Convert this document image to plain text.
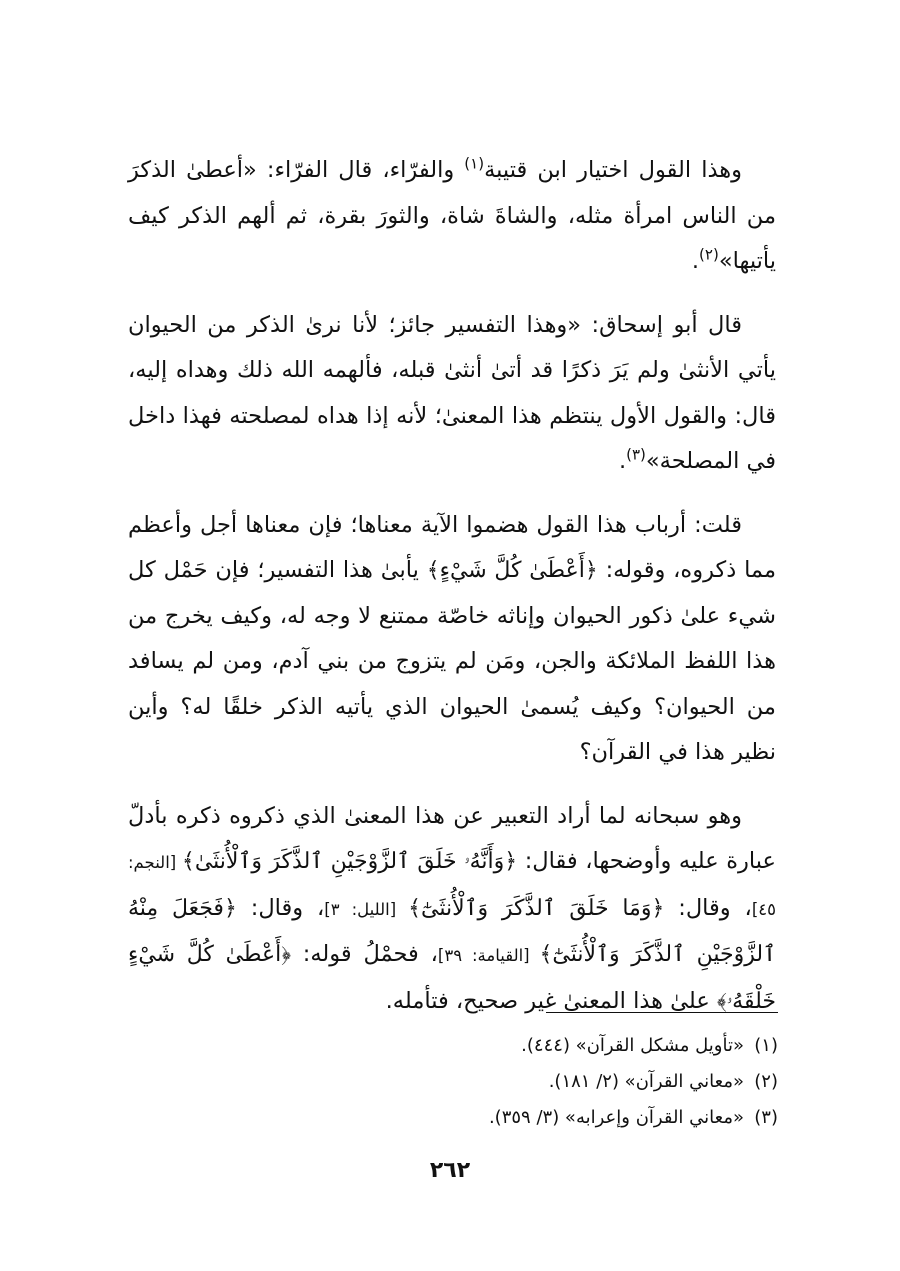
وهذا القول اختيار ابن قتيبة$^{(١)}$ والفرّاء، قال الفرّاء: «أعطىٰ الذكرَ من الناس امرأة مثله، والشاةَ شاة، والثورَ بقرة، ثم ألهم الذكر كيف يأتيها»$^{(٢)}$.

قال أبو إسحاق: «وهذا التفسير جائز؛ لأنا نرىٰ الذكر من الحيوان يأتي الأنثىٰ ولم يَرَ ذكرًا قد أتىٰ أنثىٰ قبله، فألهمه الله ذلك وهداه إليه، قال: والقول الأول ينتظم هذا المعنىٰ؛ لأنه إذا هداه لمصلحته فهذا داخل في المصلحة»$^{(٣)}$.

قلت: أرباب هذا القول هضموا الآية معناها؛ فإن معناها أجل وأعظم مما ذكروه، وقوله: ﴿أَعْطَىٰ كُلَّ شَيْءٍ﴾ يأبىٰ هذا التفسير؛ فإن حَمْل كل شيء علىٰ ذكور الحيوان وإناثه خاصّة ممتنع لا وجه له، وكيف يخرج من هذا اللفظ الملائكة والجن، ومَن لم يتزوج من بني آدم، ومن لم يسافد من الحيوان؟ وكيف يُسمىٰ الحيوان الذي يأتيه الذكر خلقًا له؟ وأين نظير هذا في القرآن؟

وهو سبحانه لما أراد التعبير عن هذا المعنىٰ الذي ذكروه ذكره بأدلّ عبارة عليه وأوضحها، فقال: ﴿وَأَنَّهُۥ خَلَقَ ٱلزَّوْجَيْنِ ٱلذَّكَرَ وَٱلْأُنثَىٰ﴾ [النجم: ٤٥]، وقال: ﴿وَمَا خَلَقَ ٱلذَّكَرَ وَٱلْأُنثَىٰٓ﴾ [الليل: ٣]، وقال: ﴿فَجَعَلَ مِنْهُ ٱلزَّوْجَيْنِ ٱلذَّكَرَ وَٱلْأُنثَىٰٓ﴾ [القيامة: ٣٩]، فحمْلُ قوله: ﴿أَعْطَىٰ كُلَّ شَيْءٍ خَلْقَهُۥ﴾ علىٰ هذا المعنىٰ غير صحيح، فتأمله.

(١)«تأويل مشكل القرآن» (٤٤٤).
(٢)«معاني القرآن» (٢/ ١٨١).
(٣)«معاني القرآن وإعرابه» (٣/ ٣٥٩).
٢٦٢
